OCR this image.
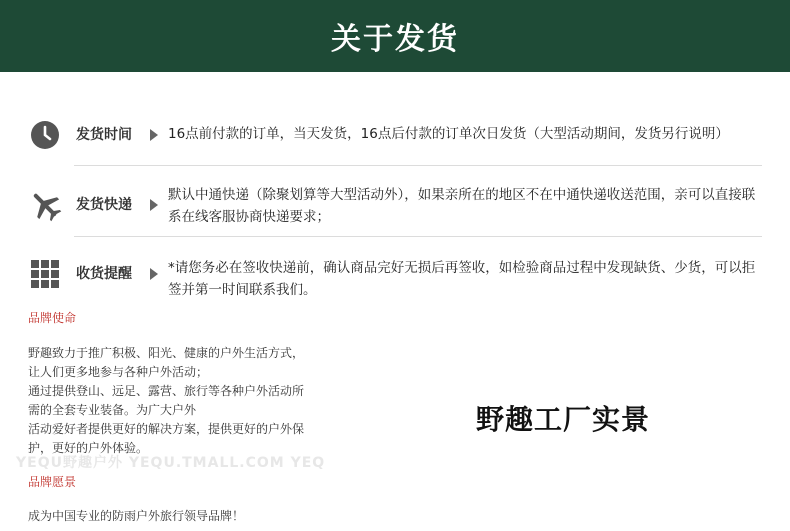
关于发货
发货时间	16点前付款的订单，当天发货，16点后付款的订单次日发货（大型活动期间，发货另行说明）
发货快递
默认中通快递（除聚划算等大型活动外），如果亲所在的地区不在中通快递收送范围，亲可以直接联系在线客服协商快递要求；
收货提醒	*请您务必在签收快递前，确认商品完好无损后再签收，如检验商品过程中发现缺货、少货，可以拒签并第一时间联系我们。
品牌使命
野趣致力于推广积极、阳光、健康的户外生活方式，
让人们更多地参与各种户外活动；
通过提供登山、远足、露营、旅行等各种户外活动所
需的全套专业装备。为广大户外
活动爱好者提供更好的解决方案，提供更好的户外保
护，更好的户外体验。
YEQU野趣户外 YEQU.TMALL.COM YEQ
品牌愿景
成为中国专业的防雨户外旅行领导品牌！
野趣工厂实景
